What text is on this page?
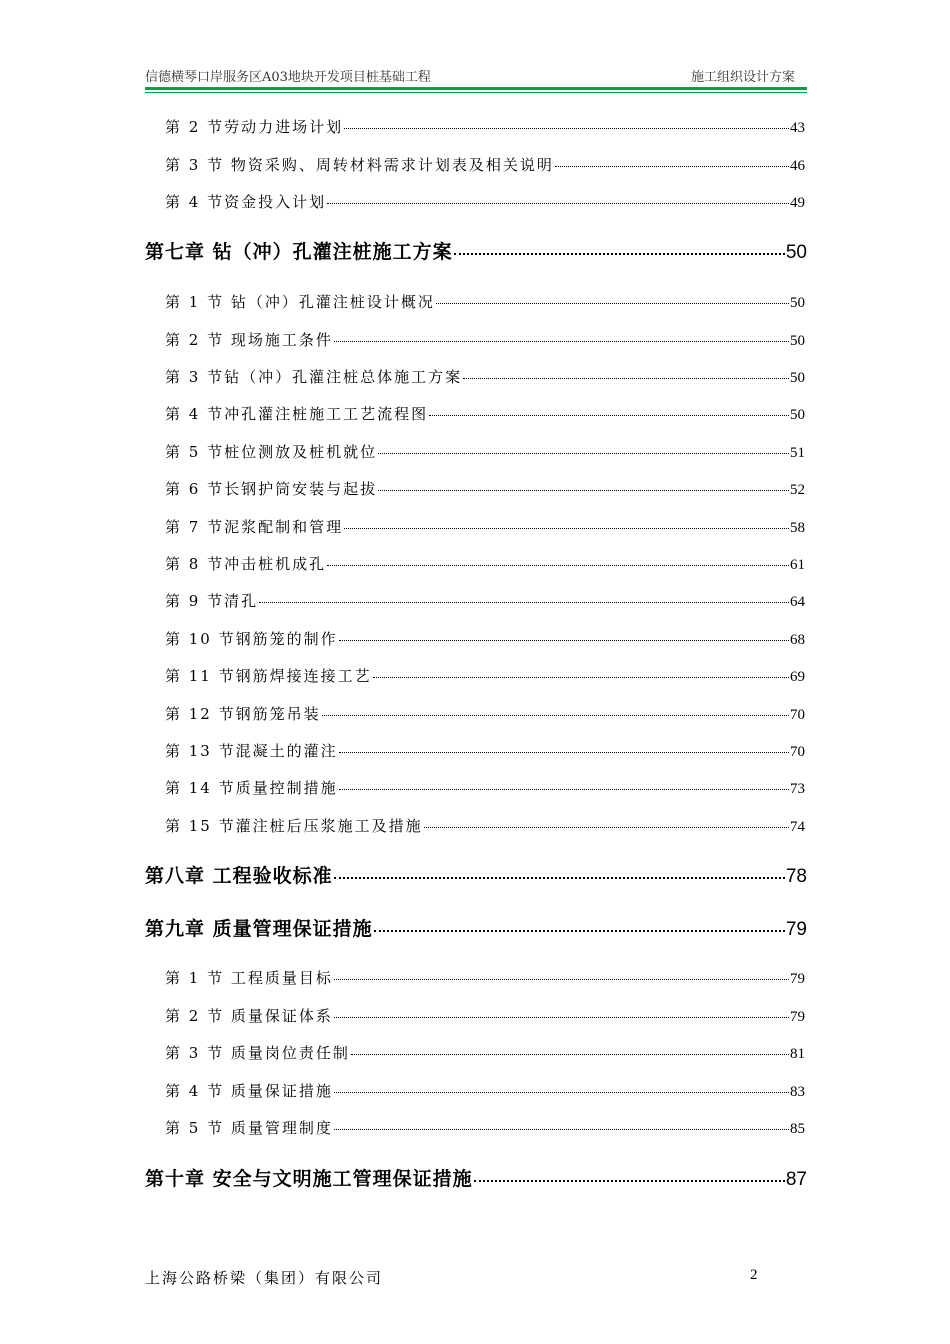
信德横琴口岸服务区A03地块开发项目桩基础工程	施工组织设计方案
第 2 节劳动力进场计划	43
第 3 节 物资采购、周转材料需求计划表及相关说明	46
第 4 节资金投入计划	49
第七章 钻（冲）孔灌注桩施工方案	50
第 1 节 钻（冲）孔灌注桩设计概况	50
第 2 节 现场施工条件	50
第 3 节钻（冲）孔灌注桩总体施工方案	50
第 4 节冲孔灌注桩施工工艺流程图	50
第 5 节桩位测放及桩机就位	51
第 6 节长钢护筒安装与起拔	52
第 7 节泥浆配制和管理	58
第 8 节冲击桩机成孔	61
第 9 节清孔	64
第 10 节钢筋笼的制作	68
第 11 节钢筋焊接连接工艺	69
第 12 节钢筋笼吊装	70
第 13 节混凝土的灌注	70
第 14 节质量控制措施	73
第 15 节灌注桩后压浆施工及措施	74
第八章 工程验收标准	78
第九章 质量管理保证措施	79
第 1 节 工程质量目标	79
第 2 节 质量保证体系	79
第 3 节 质量岗位责任制	81
第 4 节 质量保证措施	83
第 5 节 质量管理制度	85
第十章 安全与文明施工管理保证措施	87
上海公路桥梁（集团）有限公司	2
